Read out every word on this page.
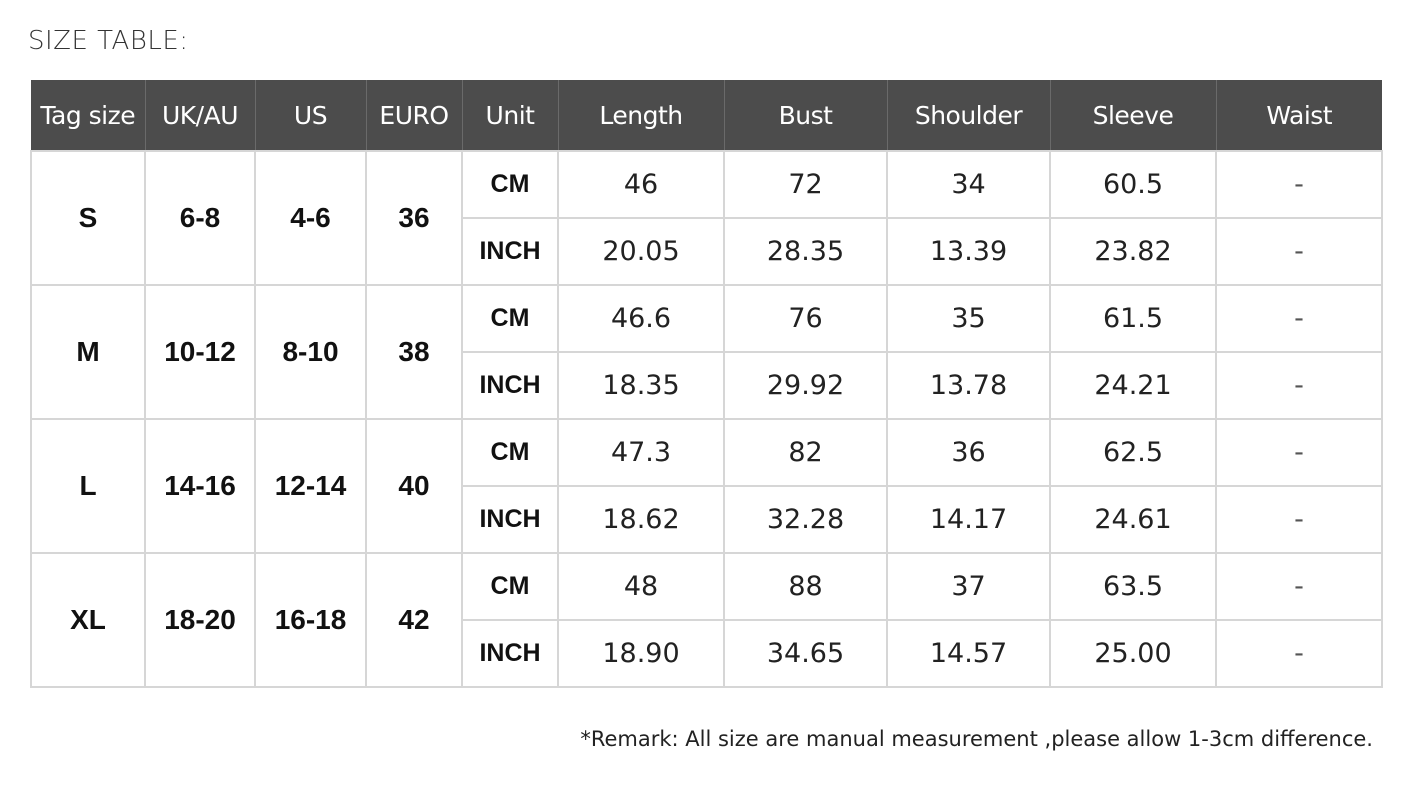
SIZE TABLE:
Tag size	UK/AU	US	EURO	Unit	Length	Bust	Shoulder	Sleeve	Waist
S	6-8	4-6	36	CM	46	72	34	60.5	-
				INCH	20.05	28.35	13.39	23.82	-
M	10-12	8-10	38	CM	46.6	76	35	61.5	-
				INCH	18.35	29.92	13.78	24.21	-
L	14-16	12-14	40	CM	47.3	82	36	62.5	-
				INCH	18.62	32.28	14.17	24.61	-
XL	18-20	16-18	42	CM	48	88	37	63.5	-
				INCH	18.90	34.65	14.57	25.00	-
*Remark: All size are manual measurement ,please allow 1-3cm difference.
